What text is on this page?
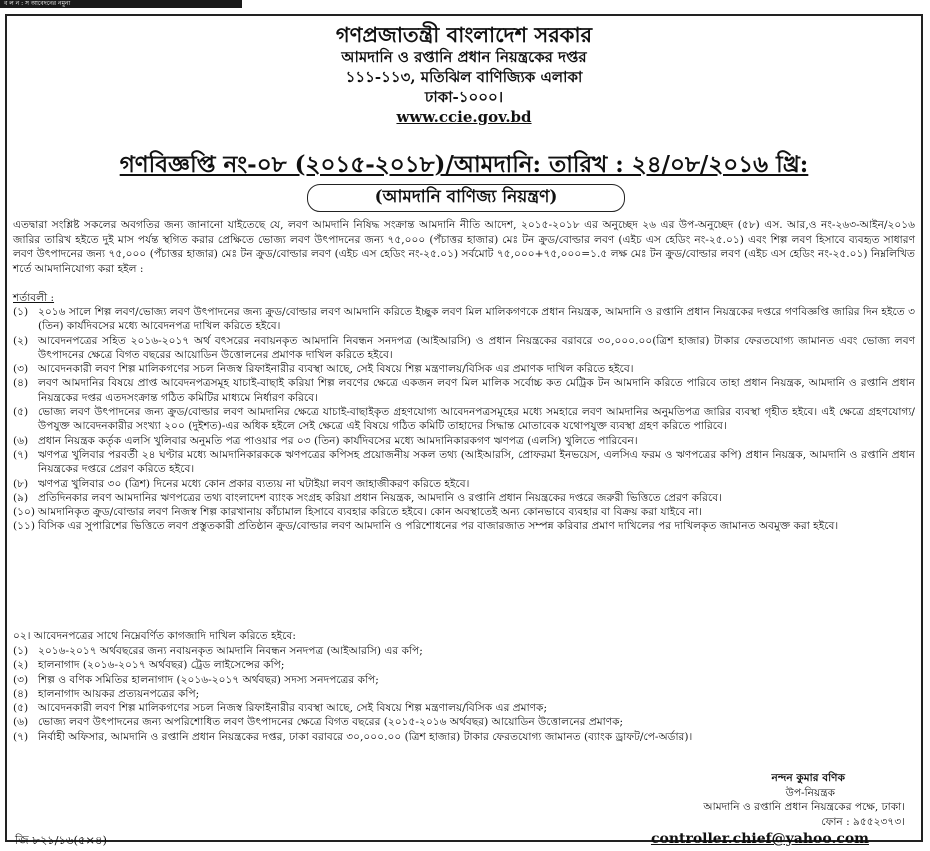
ব ল ন : স আবেদনের নমুনা
গণপ্রজাতন্ত্রী বাংলাদেশ সরকার
আমদানি ও রপ্তানি প্রধান নিয়ন্ত্রকের দপ্তর
১১১-১১৩, মতিঝিল বাণিজ্যিক এলাকা
ঢাকা-১০০০।
www.ccie.gov.bd
গণবিজ্ঞপ্তি নং-০৮ (২০১৫-২০১৮)/আমদানি: তারিখ : ২৪/০৮/২০১৬ খ্রি:
(আমদানি বাণিজ্য নিয়ন্ত্রণ)
এতদ্বারা সংশ্লিষ্ট সকলের অবগতির জন্য জানানো যাইতেছে যে, লবণ আমদানি নিষিদ্ধ সংক্রান্ত আমদানি নীতি আদেশ, ২০১৫-২০১৮ এর অনুচ্ছেদ ২৬ এর উপ-অনুচ্ছেদ (৫৮) এস. আর,ও নং-২৬৩-আইন/২০১৬ জারির তারিখ হইতে দুই মাস পর্যন্ত স্থগিত করার প্রেক্ষিতে ভোজ্য লবণ উৎপাদনের জন্য ৭৫,০০০ (পঁচাত্তর হাজার) মেঃ টন ক্রুড/বোল্ডার লবণ (এইচ এস হেডিং নং-২৫.০১) এবং শিল্প লবণ হিসাবে ব্যবহৃত সাধারণ লবণ উৎপাদনের জন্য ৭৫,০০০ (পঁচাত্তর হাজার) মেঃ টন ক্রুড/বোল্ডার লবণ (এইচ এস হেডিং নং-২৫.০১) সর্বমোট ৭৫,০০০+৭৫,০০০=১.৫ লক্ষ মেঃ টন ক্রুড/বোল্ডার লবণ (এইচ এস হেডিং নং-২৫.০১) নিম্নলিখিত শর্তে আমদানিযোগ্য করা হইল :
শর্তাবলী :
(১) ২০১৬ সালে শিল্প লবণ/ভোজ্য লবণ উৎপাদনের জন্য ক্রুড/বোল্ডার লবণ আমদানি করিতে ইচ্ছুক লবণ মিল মালিকগণকে প্রধান নিয়ন্ত্রক, আমদানি ও রপ্তানি প্রধান নিয়ন্ত্রকের দপ্তরে গণবিজ্ঞপ্তি জারির দিন হইতে ৩ (তিন) কার্যদিবসের মধ্যে আবেদনপত্র দাখিল করিতে হইবে।
(২) আবেদনপত্রের সহিত ২০১৬-২০১৭ অর্থ বৎসরের নবায়নকৃত আমদানি নিবন্ধন সনদপত্র (আইআরসি) ও প্রধান নিয়ন্ত্রকের বরাবরে ৩০,০০০.০০(ত্রিশ হাজার) টাকার ফেরতযোগ্য জামানত এবং ভোজ্য লবণ উৎপাদনের ক্ষেত্রে বিগত বছরের আয়োডিন উত্তোলনের প্রমাণক দাখিল করিতে হইবে।
(৩) আবেদনকারী লবণ শিল্প মালিকগণের সচল নিজস্ব রিফাইনারীর ব্যবস্থা আছে, সেই বিষয়ে শিল্প মন্ত্রণালয়/বিসিক এর প্রমাণক দাখিল করিতে হইবে।
(৪) লবণ আমদানির বিষয়ে প্রাপ্ত আবেদনপত্রসমূহ যাচাই-বাছাই করিয়া শিল্প লবণের ক্ষেত্রে একজন লবণ মিল মালিক সর্বোচ্চ কত মেট্রিক টন আমদানি করিতে পারিবে তাহা প্রধান নিয়ন্ত্রক, আমদানি ও রপ্তানি প্রধান নিয়ন্ত্রকের দপ্তর এতদসংক্রান্ত গঠিত কমিটির মাধ্যমে নির্ধারণ করিবে।
(৫) ভোজ্য লবণ উৎপাদনের জন্য ক্রুড/বোল্ডার লবণ আমদানির ক্ষেত্রে যাচাই-বাছাইকৃত গ্রহণযোগ্য আবেদনপত্রসমূহের মধ্যে সমহারে লবণ আমদানির অনুমতিপত্র জারির ব্যবস্থা গৃহীত হইবে। এই ক্ষেত্রে গ্রহণযোগ্য/উপযুক্ত আবেদনকারীর সংখ্যা ২০০ (দুইশত)-এর অধিক হইলে সেই ক্ষেত্রে এই বিষয়ে গঠিত কমিটি তাহাদের সিদ্ধান্ত মোতাবেক যথোপযুক্ত ব্যবস্থা গ্রহণ করিতে পারিবে।
(৬) প্রধান নিয়ন্ত্রক কর্তৃক এলসি খুলিবার অনুমতি পত্র পাওয়ার পর ০৩ (তিন) কার্যদিবসের মধ্যে আমদানিকারকগণ ঋণপত্র (এলসি) খুলিতে পারিবেন।
(৭) ঋণপত্র খুলিবার পরবর্তী ২৪ ঘণ্টার মধ্যে আমদানিকারককে ঋণপত্রের কপিসহ প্রয়োজনীয় সকল তথ্য (আইআরসি, প্রোফরমা ইনভয়েস, এলসিএ ফরম ও ঋণপত্রের কপি) প্রধান নিয়ন্ত্রক, আমদানি ও রপ্তানি প্রধান নিয়ন্ত্রকের দপ্তরে প্রেরণ করিতে হইবে।
(৮) ঋণপত্র খুলিবার ৩০ (ত্রিশ) দিনের মধ্যে কোন প্রকার ব্যত্যয় না ঘটাইয়া লবণ জাহাজীকরণ করিতে হইবে।
(৯) প্রতিদিনকার লবণ আমদানির ঋণপত্রের তথ্য বাংলাদেশ ব্যাংক সংগ্রহ করিয়া প্রধান নিয়ন্ত্রক, আমদানি ও রপ্তানি প্রধান নিয়ন্ত্রকের দপ্তরে জরুরী ভিত্তিতে প্রেরণ করিবে।
(১০) আমদানিকৃত ক্রুড/বোল্ডার লবণ নিজস্ব শিল্প কারখানায় কাঁচামাল হিসাবে ব্যবহার করিতে হইবে। কোন অবস্থাতেই অন্য কোনভাবে ব্যবহার বা বিক্রয় করা যাইবে না।
(১১) বিসিক এর সুপারিশের ভিত্তিতে লবণ প্রস্তুতকারী প্রতিষ্ঠান ক্রুড/বোল্ডার লবণ আমদানি ও পরিশোধনের পর বাজারজাত সম্পন্ন করিবার প্রমাণ দাখিলের পর দাখিলকৃত জামানত অবমুক্ত করা হইবে।
০২। আবেদনপত্রের সাথে নিম্নেবর্ণিত কাগজাদি দাখিল করিতে হইবে:
(১) ২০১৬-২০১৭ অর্থবছরের জন্য নবায়নকৃত আমদানি নিবন্ধন সনদপত্র (আইআরসি) এর কপি;
(২) হালনাগাদ (২০১৬-২০১৭ অর্থবছর) ট্রেড লাইসেন্সের কপি;
(৩) শিল্প ও বণিক সমিতির হালনাগাদ (২০১৬-২০১৭ অর্থবছর) সদস্য সনদপত্রের কপি;
(৪) হালনাগাদ আয়কর প্রত্যয়নপত্রের কপি;
(৫) আবেদনকারী লবণ শিল্প মালিকগণের সচল নিজস্ব রিফাইনারীর ব্যবস্থা আছে, সেই বিষয়ে শিল্প মন্ত্রণালয়/বিসিক এর প্রমাণক;
(৬) ভোজ্য লবণ উৎপাদনের জন্য অপরিশোধিত লবণ উৎপাদনের ক্ষেত্রে বিগত বছরের (২০১৫-২০১৬ অর্থবছর) আয়োডিন উত্তোলনের প্রমাণক;
(৭) নির্বাহী অফিসার, আমদানি ও রপ্তানি প্রধান নিয়ন্ত্রকের দপ্তর, ঢাকা বরাবরে ৩০,০০০.০০ (ত্রিশ হাজার) টাকার ফেরতযোগ্য জামানত (ব্যাংক ড্রাফট/পে-অর্ডার)।
নন্দন কুমার বণিক
উপ-নিয়ন্ত্রক
আমদানি ও রপ্তানি প্রধান নিয়ন্ত্রকের পক্ষে, ঢাকা।
ফোন : ৯৫৫২৩৭৩।
controller.chief@yahoo.com
জি ৮২১/১৬(৫×৪)
